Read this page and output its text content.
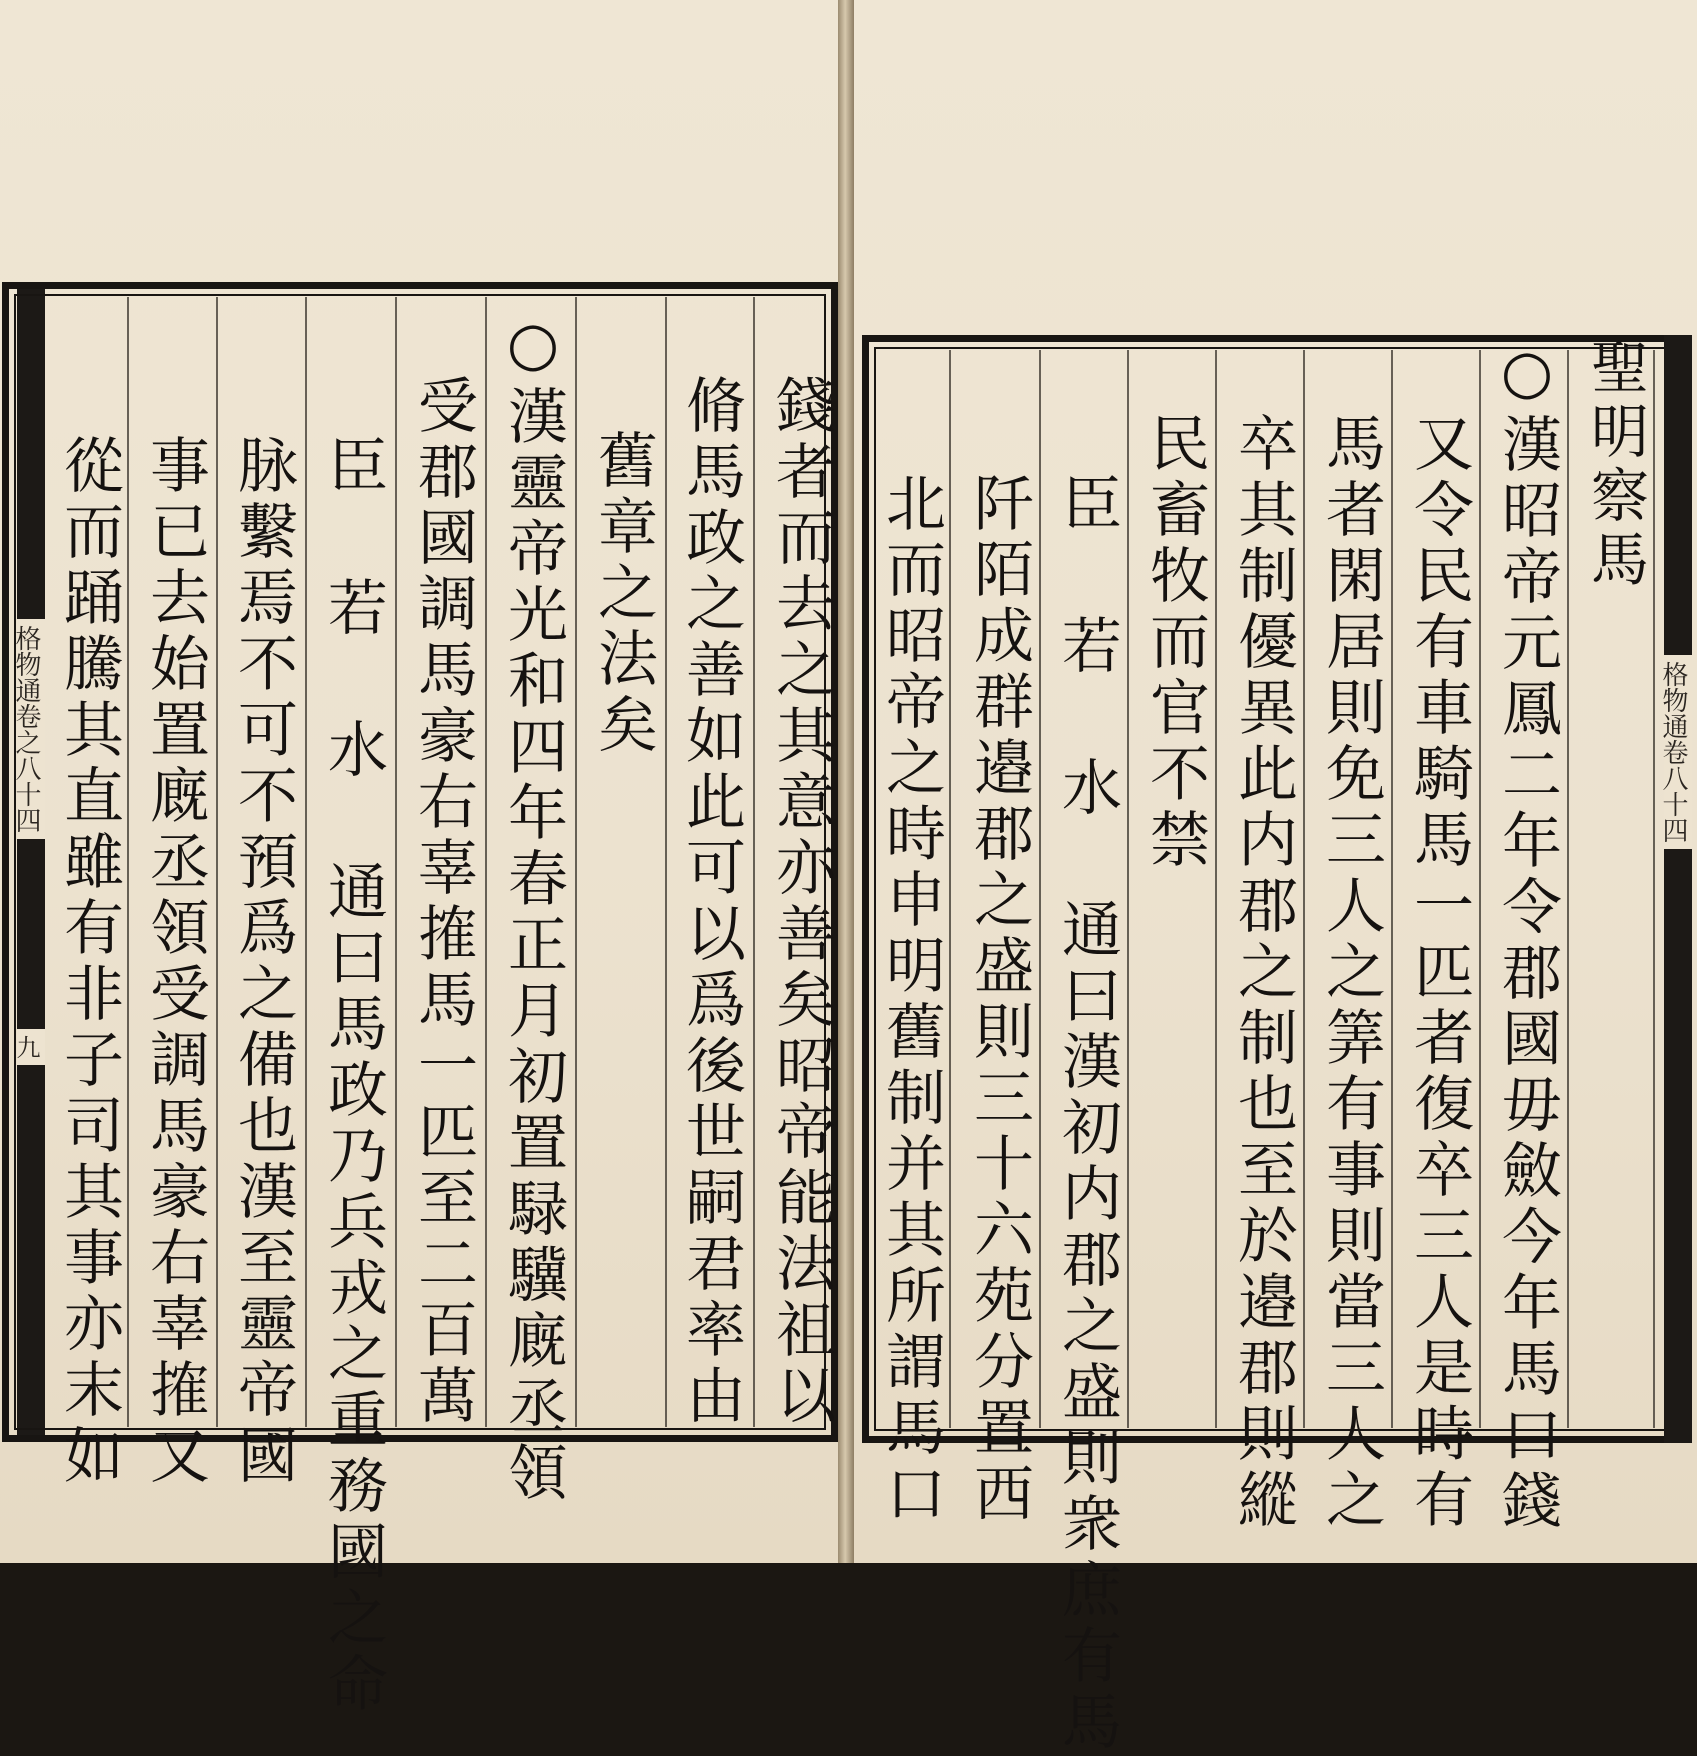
格物通卷之八十四
九	錢者而去之其意亦善矣昭帝能法祖以
脩馬政之善如此可以爲後世嗣君率由
舊章之法矣
○漢靈帝光和四年春正月初置騄驥廐丞領
受郡國調馬豪右辜搉馬一匹至二百萬
臣 若 水 通曰馬政乃兵戎之重務國之命
脉繫焉不可不預爲之備也漢至靈帝國
事已去始置廐丞領受調馬豪右辜搉又
從而踊騰其直雖有非子司其事亦末如	聖明察馬
○漢昭帝元鳳二年令郡國毋斂今年馬口錢
又令民有車騎馬一匹者復卒三人是時有
馬者閑居則免三人之筭有事則當三人之
卒其制優異此内郡之制也至於邉郡則縱
民畜牧而官不禁
臣 若 水 通曰漢初内郡之盛則衆庶有馬
阡陌成群邉郡之盛則三十六苑分置西
北而昭帝之時申明舊制并其所謂馬口	格物通卷八十四
